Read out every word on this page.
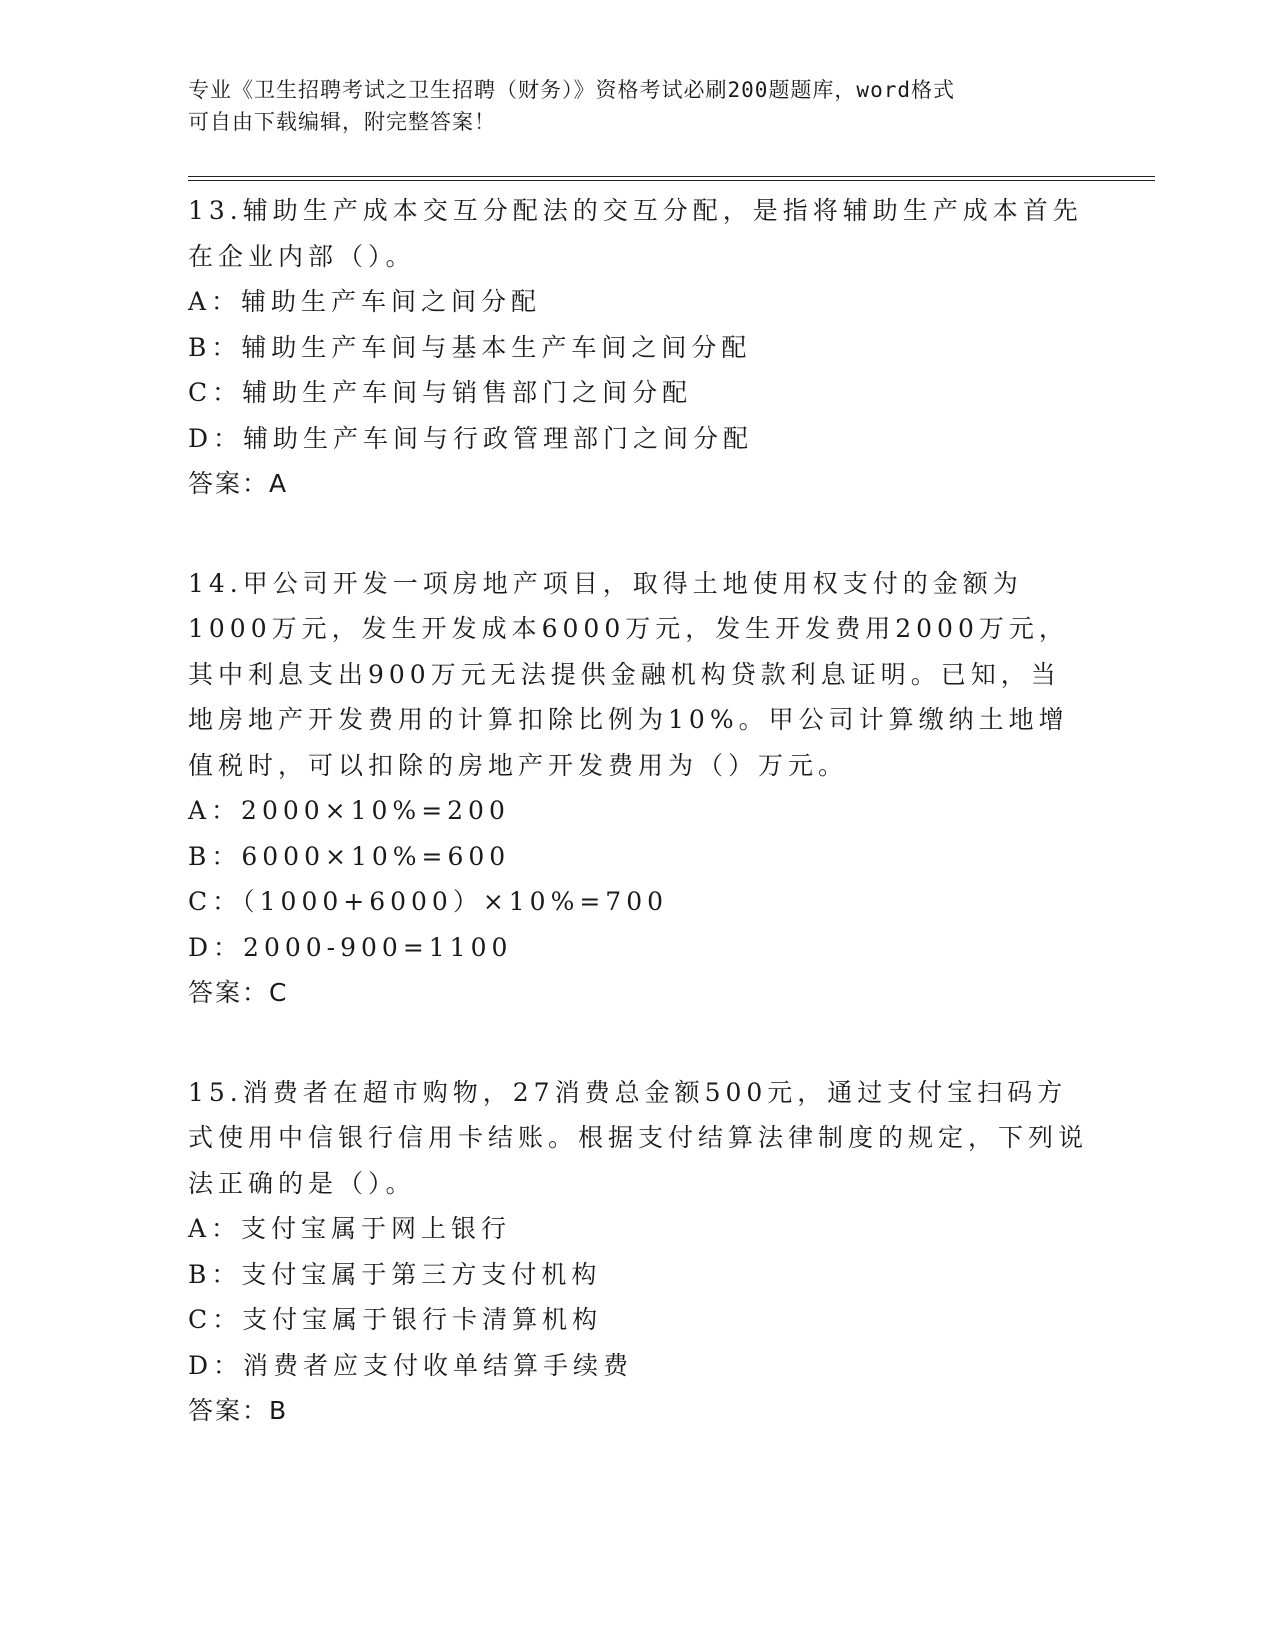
专业《卫生招聘考试之卫生招聘（财务）》资格考试必刷200题题库，word格式
可自由下载编辑，附完整答案！

13.辅助生产成本交互分配法的交互分配，是指将辅助生产成本首先在企业内部（）。

A：辅助生产车间之间分配

B：辅助生产车间与基本生产车间之间分配

C：辅助生产车间与销售部门之间分配

D：辅助生产车间与行政管理部门之间分配

答案：A

14.甲公司开发一项房地产项目，取得土地使用权支付的金额为1000万元，发生开发成本6000万元，发生开发费用2000万元，其中利息支出900万元无法提供金融机构贷款利息证明。已知，当地房地产开发费用的计算扣除比例为10%。甲公司计算缴纳土地增值税时，可以扣除的房地产开发费用为（）万元。

A：2000×10%=200

B：6000×10%=600

C：（1000+6000）×10%=700

D：2000-900=1100

答案：C

15.消费者在超市购物，27消费总金额500元，通过支付宝扫码方式使用中信银行信用卡结账。根据支付结算法律制度的规定，下列说法正确的是（）。

A：支付宝属于网上银行

B：支付宝属于第三方支付机构

C：支付宝属于银行卡清算机构

D：消费者应支付收单结算手续费

答案：B
